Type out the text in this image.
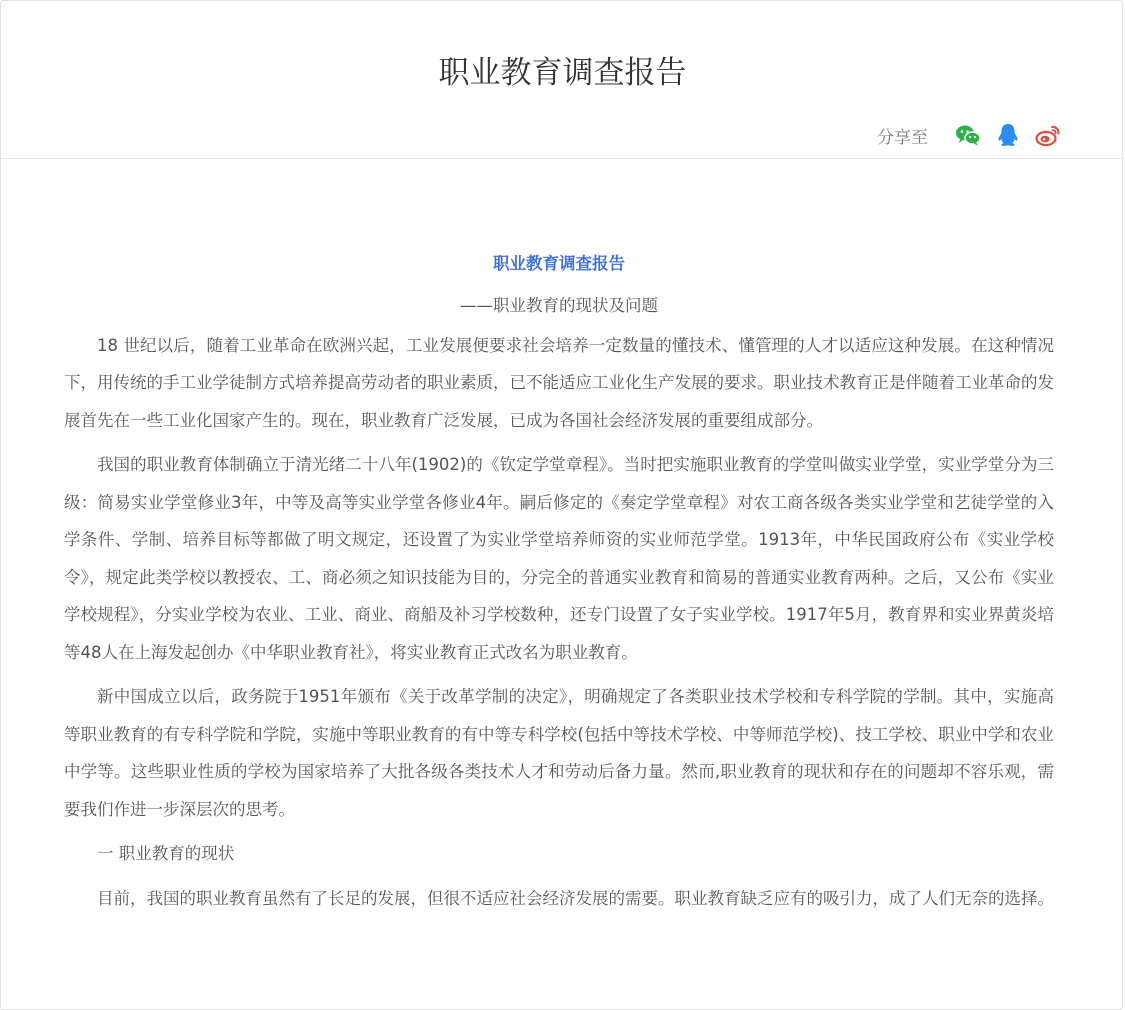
职业教育调查报告
分享至

职业教育调查报告

——职业教育的现状及问题

18 世纪以后，随着工业革命在欧洲兴起，工业发展便要求社会培养一定数量的懂技术、懂管理的人才以适应这种发展。在这种情况下，用传统的手工业学徒制方式培养提高劳动者的职业素质，已不能适应工业化生产发展的要求。职业技术教育正是伴随着工业革命的发展首先在一些工业化国家产生的。现在，职业教育广泛发展，已成为各国社会经济发展的重要组成部分。

我国的职业教育体制确立于清光绪二十八年(1902)的《钦定学堂章程》。当时把实施职业教育的学堂叫做实业学堂，实业学堂分为三级：简易实业学堂修业3年，中等及高等实业学堂各修业4年。嗣后修定的《奏定学堂章程》对农工商各级各类实业学堂和艺徒学堂的入学条件、学制、培养目标等都做了明文规定，还设置了为实业学堂培养师资的实业师范学堂。1913年，中华民国政府公布《实业学校令》，规定此类学校以教授农、工、商必须之知识技能为目的，分完全的普通实业教育和简易的普通实业教育两种。之后，又公布《实业学校规程》，分实业学校为农业、工业、商业、商船及补习学校数种，还专门设置了女子实业学校。1917年5月，教育界和实业界黄炎培等48人在上海发起创办《中华职业教育社》，将实业教育正式改名为职业教育。

新中国成立以后，政务院于1951年颁布《关于改革学制的决定》，明确规定了各类职业技术学校和专科学院的学制。其中，实施高等职业教育的有专科学院和学院，实施中等职业教育的有中等专科学校(包括中等技术学校、中等师范学校)、技工学校、职业中学和农业中学等。这些职业性质的学校为国家培养了大批各级各类技术人才和劳动后备力量。然而,职业教育的现状和存在的问题却不容乐观，需要我们作进一步深层次的思考。

一 职业教育的现状

目前，我国的职业教育虽然有了长足的发展，但很不适应社会经济发展的需要。职业教育缺乏应有的吸引力，成了人们无奈的选择。
